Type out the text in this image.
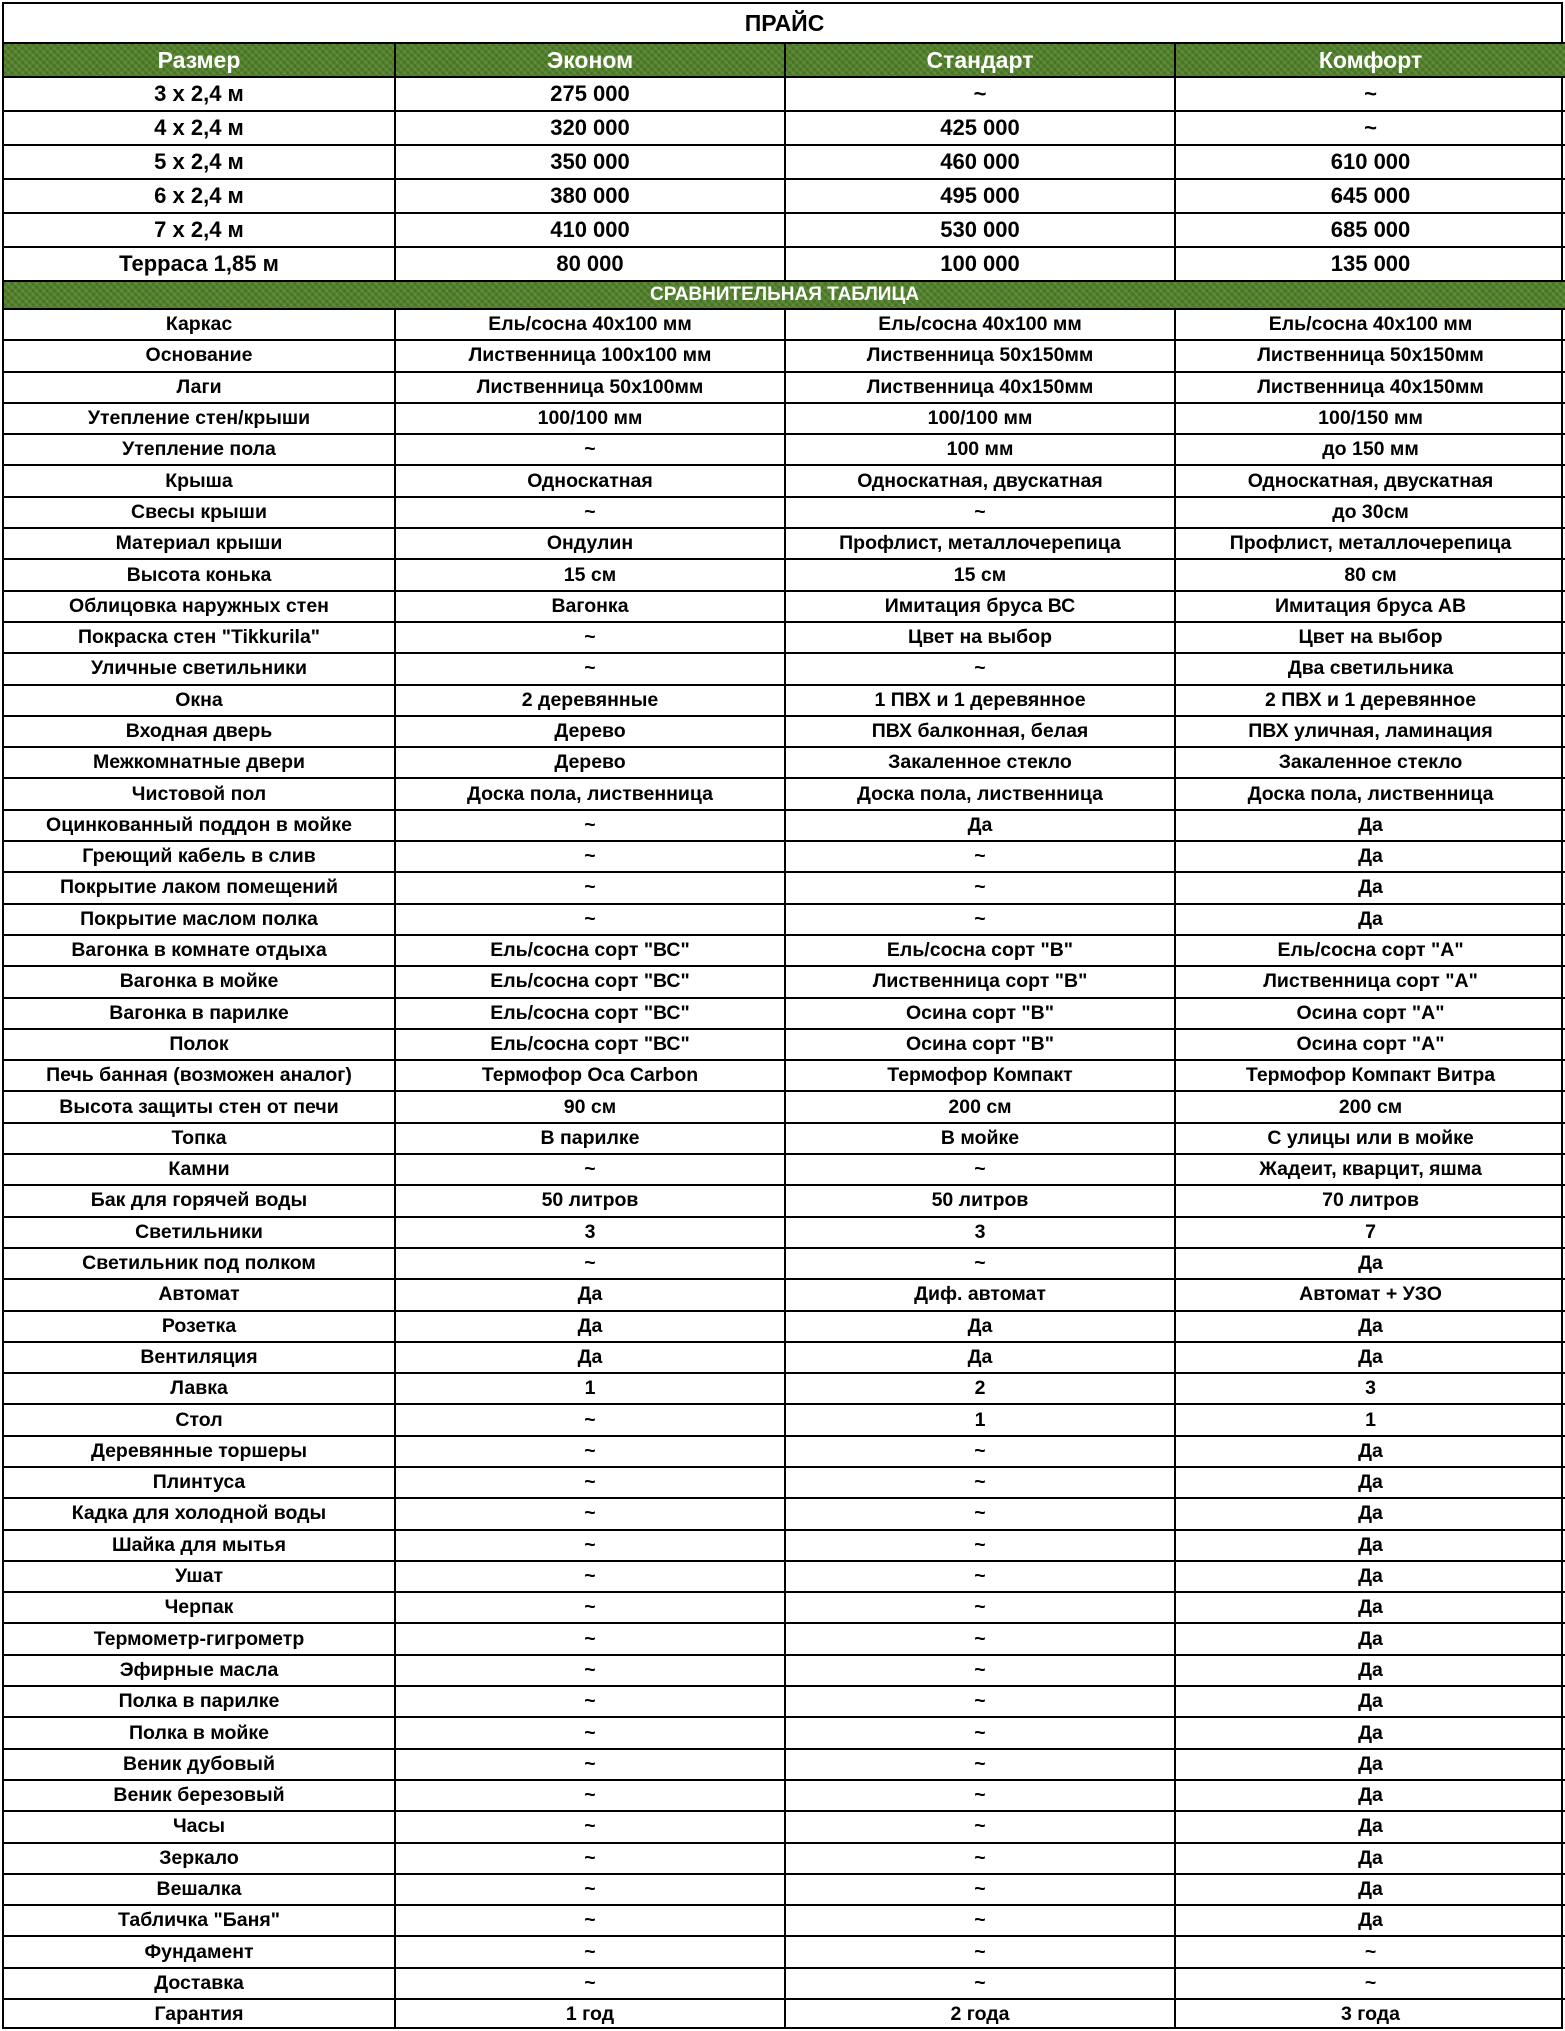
ПРАЙС			
Размер	Эконом	Стандарт	Комфорт
3 x 2,4 м	275 000	~	~
4 x 2,4 м	320 000	425 000	~
5 x 2,4 м	350 000	460 000	610 000
6 x 2,4 м	380 000	495 000	645 000
7 x 2,4 м	410 000	530 000	685 000
Терраса 1,85 м	80 000	100 000	135 000
СРАВНИТЕЛЬНАЯ ТАБЛИЦА			
Каркас	Ель/сосна 40x100 мм	Ель/сосна 40x100 мм	Ель/сосна 40x100 мм
Основание	Лиственница 100x100 мм	Лиственница 50x150мм	Лиственница 50x150мм
Лаги	Лиственница 50x100мм	Лиственница 40x150мм	Лиственница 40x150мм
Утепление стен/крыши	100/100 мм	100/100 мм	100/150 мм
Утепление пола	~	100 мм	до 150 мм
Крыша	Односкатная	Односкатная, двускатная	Односкатная, двускатная
Свесы крыши	~	~	до 30см
Материал крыши	Ондулин	Профлист, металлочерепица	Профлист, металлочерепица
Высота конька	15 см	15 см	80 см
Облицовка наружных стен	Вагонка	Имитация бруса ВС	Имитация бруса АВ
Покраска стен "Tikkurila"	~	Цвет на выбор	Цвет на выбор
Уличные светильники	~	~	Два светильника
Окна	2 деревянные	1 ПВХ и 1 деревянное	2 ПВХ и 1 деревянное
Входная дверь	Дерево	ПВХ балконная, белая	ПВХ уличная, ламинация
Межкомнатные двери	Дерево	Закаленное стекло	Закаленное стекло
Чистовой пол	Доска пола, лиственница	Доска пола, лиственница	Доска пола, лиственница
Оцинкованный поддон в мойке	~	Да	Да
Греющий кабель в слив	~	~	Да
Покрытие лаком помещений	~	~	Да
Покрытие маслом полка	~	~	Да
Вагонка в комнате отдыха	Ель/сосна сорт "ВС"	Ель/сосна сорт "В"	Ель/сосна сорт "А"
Вагонка в мойке	Ель/сосна сорт "ВС"	Лиственница сорт "В"	Лиственница сорт "А"
Вагонка в парилке	Ель/сосна сорт "ВС"	Осина сорт "В"	Осина сорт "А"
Полок	Ель/сосна сорт "ВС"	Осина сорт "В"	Осина сорт "А"
Печь банная (возможен аналог)	Термофор Оса Carbon	Термофор Компакт	Термофор Компакт Витра
Высота защиты стен от печи	90 см	200 см	200 см
Топка	В парилке	В мойке	С улицы или в мойке
Камни	~	~	Жадеит, кварцит, яшма
Бак для горячей воды	50 литров	50 литров	70 литров
Светильники	3	3	7
Светильник под полком	~	~	Да
Автомат	Да	Диф. автомат	Автомат + УЗО
Розетка	Да	Да	Да
Вентиляция	Да	Да	Да
Лавка	1	2	3
Стол	~	1	1
Деревянные торшеры	~	~	Да
Плинтуса	~	~	Да
Кадка для холодной воды	~	~	Да
Шайка для мытья	~	~	Да
Ушат	~	~	Да
Черпак	~	~	Да
Термометр-гигрометр	~	~	Да
Эфирные масла	~	~	Да
Полка в парилке	~	~	Да
Полка в мойке	~	~	Да
Веник дубовый	~	~	Да
Веник березовый	~	~	Да
Часы	~	~	Да
Зеркало	~	~	Да
Вешалка	~	~	Да
Табличка "Баня"	~	~	Да
Фундамент	~	~	~
Доставка	~	~	~
Гарантия	1 год	2 года	3 года
